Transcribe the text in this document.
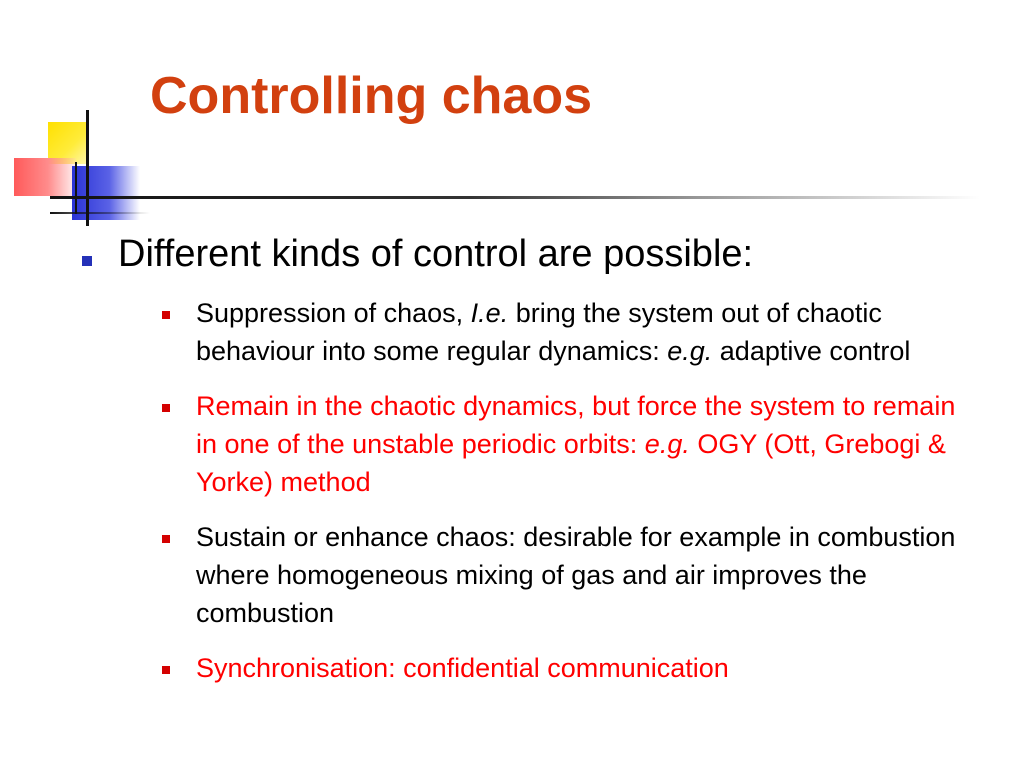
Controlling chaos
Different kinds of control are possible:
Suppression of chaos, I.e. bring the system out of chaotic behaviour into some regular dynamics: e.g. adaptive control
Remain in the chaotic dynamics, but force the system to remain in one of the unstable periodic orbits: e.g. OGY (Ott, Grebogi & Yorke) method
Sustain or enhance chaos: desirable for example in combustion where homogeneous mixing of gas and air improves the combustion
Synchronisation: confidential communication
